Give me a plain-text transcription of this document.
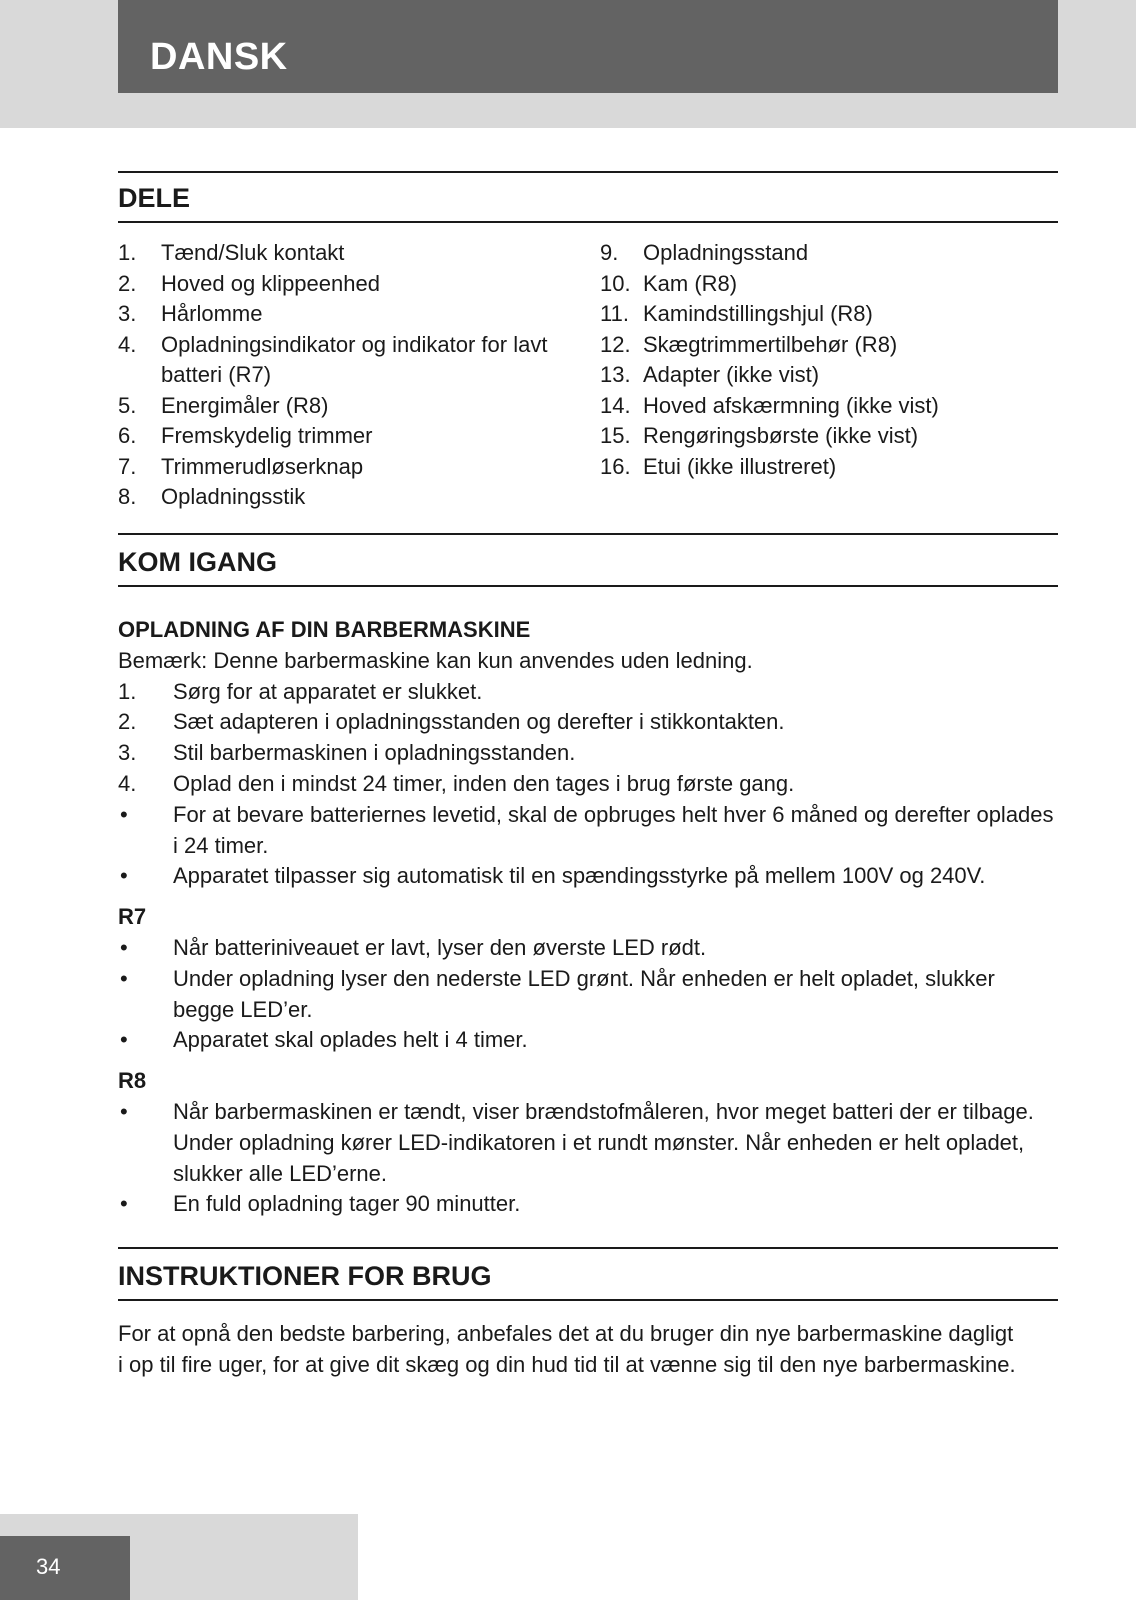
DANSK
DELE
1.	Tænd/Sluk kontakt
2.	Hoved og klippeenhed
3.	Hårlomme
4.	Opladningsindikator og indikator for lavt batteri (R7)
5.	Energimåler (R8)
6.	Fremskydelig trimmer
7.	Trimmerudløserknap
8.	Opladningsstik
9.	Opladningsstand
10. Kam (R8)
11. Kamindstillingshjul (R8)
12. Skægtrimmertilbehør (R8)
13. Adapter (ikke vist)
14. Hoved afskærmning (ikke vist)
15. Rengøringsbørste (ikke vist)
16. Etui (ikke illustreret)
KOM IGANG
OPLADNING AF DIN BARBERMASKINE
Bemærk: Denne barbermaskine kan kun anvendes uden ledning.
1.	Sørg for at apparatet er slukket.
2.	Sæt adapteren i opladningsstanden og derefter i stikkontakten.
3.	Stil barbermaskinen i opladningsstanden.
4.	Oplad den i mindst 24 timer, inden den tages i brug første gang.
•	For at bevare batteriernes levetid, skal de opbruges helt hver 6 måned og derefter oplades i 24 timer.
•	Apparatet tilpasser sig automatisk til en spændingsstyrke på mellem 100V og 240V.
R7
•	Når batteriniveauet er lavt, lyser den øverste LED rødt.
•	Under opladning lyser den nederste LED grønt. Når enheden er helt opladet, slukker begge LED’er.
•	Apparatet skal oplades helt i 4 timer.
R8
•	Når barbermaskinen er tændt, viser brændstofmåleren, hvor meget batteri der er tilbage. Under opladning kører LED-indikatoren i et rundt mønster. Når enheden er helt opladet, slukker alle LED’erne.
•	En fuld opladning tager 90 minutter.
INSTRUKTIONER FOR BRUG
For at opnå den bedste barbering, anbefales det at du bruger din nye barbermaskine dagligt i op til fire uger, for at give dit skæg og din hud tid til at vænne sig til den nye barbermaskine.
34
